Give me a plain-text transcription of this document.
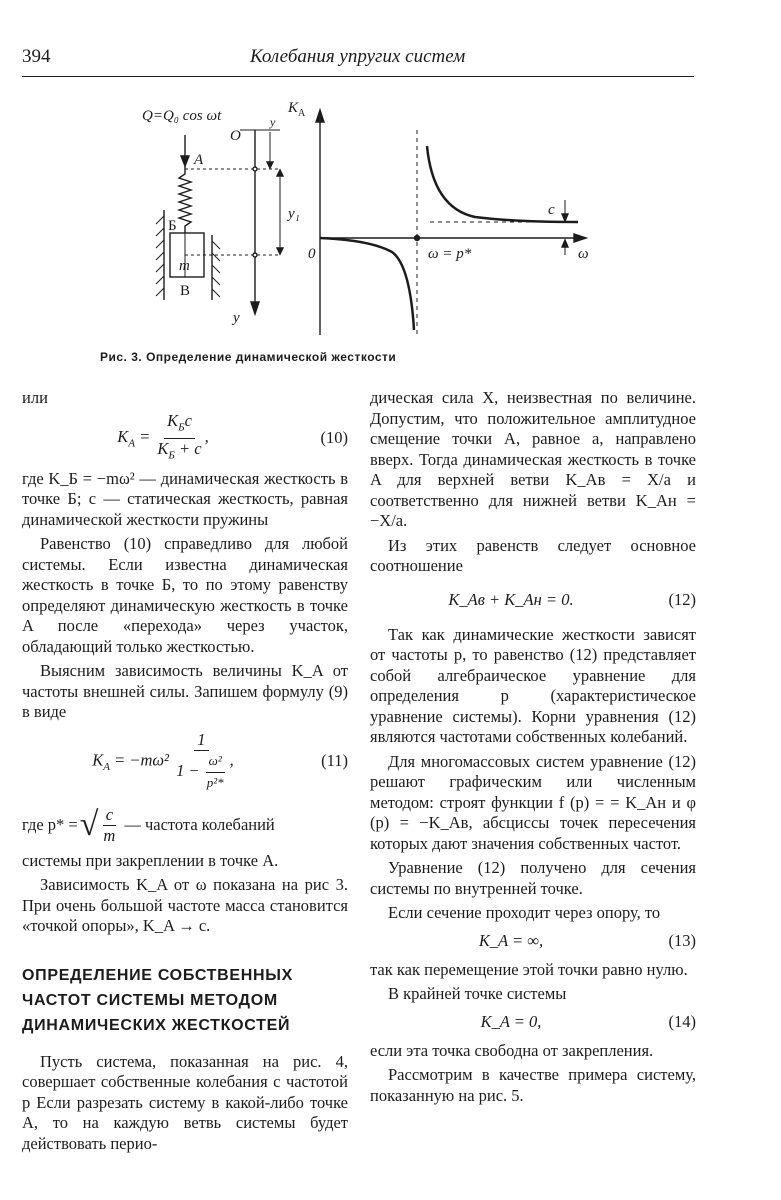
394	Колебания упругих систем
Q=Q₀ cos ωt
O
y
A
Б
m
В
y₁
y
$K_А$
0	ω = p*
c
ω
Рис. 3. Определение динамической жесткости

или

$K_А = \frac{K_Бc}{K_Б + c}$ ,	(10)

где K_Б = −mω² — динамическая жесткость в точке Б; c — статическая жесткость, равная динамической жесткости пружины

Равенство (10) справедливо для любой системы. Если известна динамическая жесткость в точке Б, то по этому равенству определяют динамическую жесткость в точке A после «перехода» через участок, обладающий только жесткостью.

Выясним зависимость величины K_A от частоты внешней силы. Запишем формулу (9) в виде

$K_А = -m\omega^2 \frac{1}{1 - \frac{\text{ω²}}{\text{p²*}}}$ ,	(11)
где p* = √ $\frac{c}{m}$ — частота колебаний

системы при закреплении в точке A.

Зависимость K_A от ω показана на рис 3. При очень большой частоте масса становится «точкой опоры», K_A → c.

ОПРЕДЕЛЕНИЕ СОБСТВЕННЫХ ЧАСТОТ СИСТЕМЫ МЕТОДОМ ДИНАМИЧЕСКИХ ЖЕСТКОСТЕЙ

Пусть система, показанная на рис. 4, совершает собственные колебания с частотой p Если разрезать систему в какой-либо точке A, то на каждую ветвь системы будет действовать перио-

дическая сила X, неизвестная по величине. Допустим, что положительное амплитудное смещение точки A, равное a, направлено вверх. Тогда динамическая жесткость в точке A для верхней ветви K_Aв = X/a и соответственно для нижней ветви K_Aн = −X/a.

Из этих равенств следует основное соотношение

K_Aв + K_Aн = 0.	(12)

Так как динамические жесткости зависят от частоты p, то равенство (12) представляет собой алгебраическое уравнение для определения p (характеристическое уравнение системы). Корни уравнения (12) являются частотами собственных колебаний.

Для многомассовых систем уравнение (12) решают графическим или численным методом: строят функции f (p) = = K_Aн и φ (p) = −K_Aв, абсциссы точек пересечения которых дают значения собственных частот.

Уравнение (12) получено для сечения системы по внутренней точке.

Если сечение проходит через опору, то

K_A = ∞,	(13)

так как перемещение этой точки равно нулю.

В крайней точке системы

K_A = 0,	(14)

если эта точка свободна от закрепления.

Рассмотрим в качестве примера систему, показанную на рис. 5.
